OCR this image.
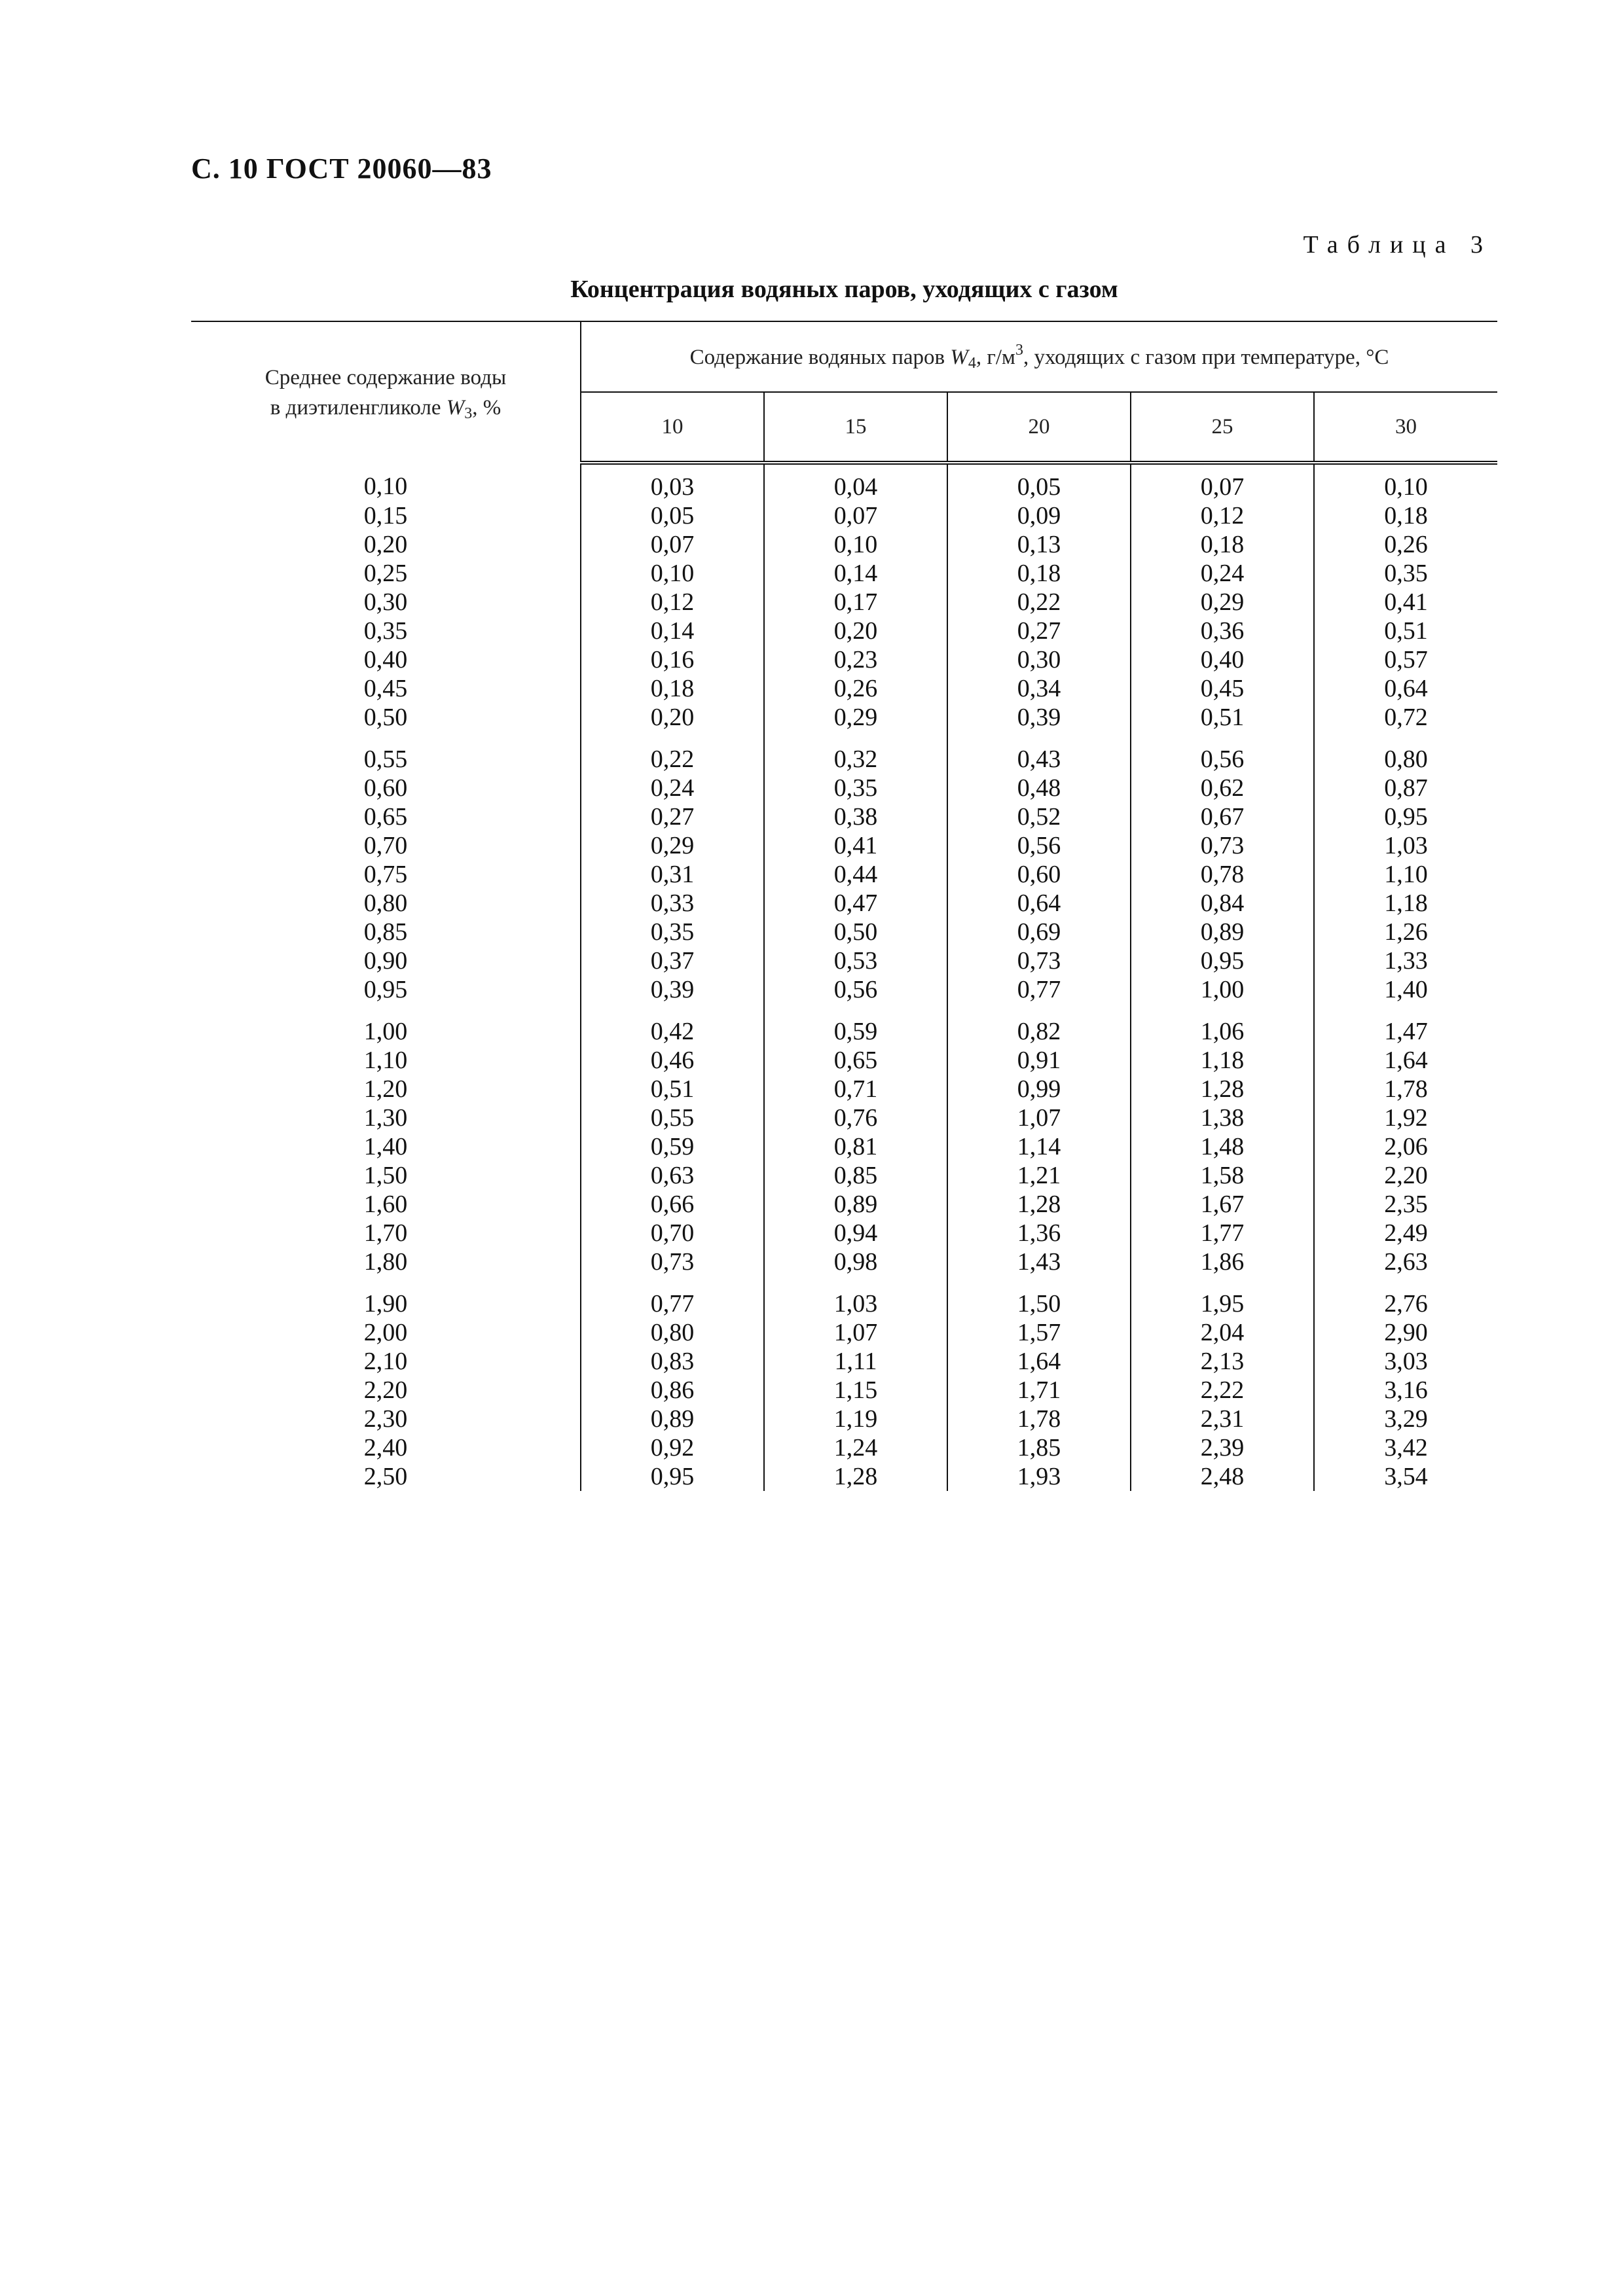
С. 10 ГОСТ 20060—83
Таблица 3
Концентрация водяных паров, уходящих с газом
Среднее содержание воды
в диэтиленгликоле $W_3$, %	Содержание водяных паров $W_4$, $г/м^3$, уходящих с газом при температуре, °С				
	10	15	20	25	30
0,10	0,03	0,04	0,05	0,07	0,10
0,15	0,05	0,07	0,09	0,12	0,18
0,20	0,07	0,10	0,13	0,18	0,26
0,25	0,10	0,14	0,18	0,24	0,35
0,30	0,12	0,17	0,22	0,29	0,41
0,35	0,14	0,20	0,27	0,36	0,51
0,40	0,16	0,23	0,30	0,40	0,57
0,45	0,18	0,26	0,34	0,45	0,64
0,50	0,20	0,29	0,39	0,51	0,72
0,55	0,22	0,32	0,43	0,56	0,80
0,60	0,24	0,35	0,48	0,62	0,87
0,65	0,27	0,38	0,52	0,67	0,95
0,70	0,29	0,41	0,56	0,73	1,03
0,75	0,31	0,44	0,60	0,78	1,10
0,80	0,33	0,47	0,64	0,84	1,18
0,85	0,35	0,50	0,69	0,89	1,26
0,90	0,37	0,53	0,73	0,95	1,33
0,95	0,39	0,56	0,77	1,00	1,40
1,00	0,42	0,59	0,82	1,06	1,47
1,10	0,46	0,65	0,91	1,18	1,64
1,20	0,51	0,71	0,99	1,28	1,78
1,30	0,55	0,76	1,07	1,38	1,92
1,40	0,59	0,81	1,14	1,48	2,06
1,50	0,63	0,85	1,21	1,58	2,20
1,60	0,66	0,89	1,28	1,67	2,35
1,70	0,70	0,94	1,36	1,77	2,49
1,80	0,73	0,98	1,43	1,86	2,63
1,90	0,77	1,03	1,50	1,95	2,76
2,00	0,80	1,07	1,57	2,04	2,90
2,10	0,83	1,11	1,64	2,13	3,03
2,20	0,86	1,15	1,71	2,22	3,16
2,30	0,89	1,19	1,78	2,31	3,29
2,40	0,92	1,24	1,85	2,39	3,42
2,50	0,95	1,28	1,93	2,48	3,54
